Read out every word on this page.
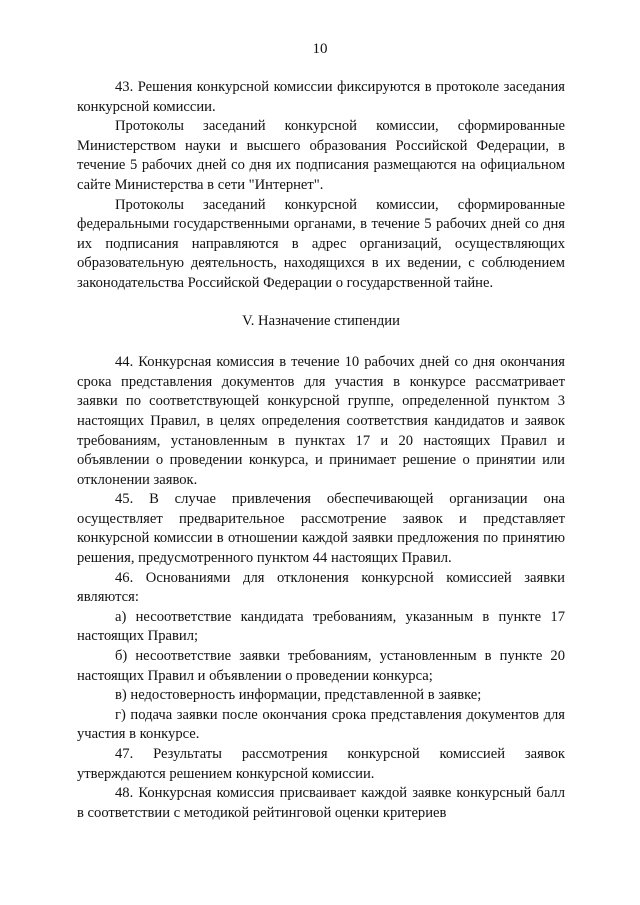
10

43. Решения конкурсной комиссии фиксируются в протоколе заседания конкурсной комиссии.

Протоколы заседаний конкурсной комиссии, сформированные Министерством науки и высшего образования Российской Федерации, в течение 5 рабочих дней со дня их подписания размещаются на официальном сайте Министерства в сети "Интернет".

Протоколы заседаний конкурсной комиссии, сформированные федеральными государственными органами, в течение 5 рабочих дней со дня их подписания направляются в адрес организаций, осуществляющих образовательную деятельность, находящихся в их ведении, с соблюдением законодательства Российской Федерации о государственной тайне.

V. Назначение стипендии

44. Конкурсная комиссия в течение 10 рабочих дней со дня окончания срока представления документов для участия в конкурсе рассматривает заявки по соответствующей конкурсной группе, определенной пунктом 3 настоящих Правил, в целях определения соответствия кандидатов и заявок требованиям, установленным в пунктах 17 и 20 настоящих Правил и объявлении о проведении конкурса, и принимает решение о принятии или отклонении заявок.

45. В случае привлечения обеспечивающей организации она осуществляет предварительное рассмотрение заявок и представляет конкурсной комиссии в отношении каждой заявки предложения по принятию решения, предусмотренного пунктом 44 настоящих Правил.

46. Основаниями для отклонения конкурсной комиссией заявки являются:

а) несоответствие кандидата требованиям, указанным в пункте 17 настоящих Правил;

б) несоответствие заявки требованиям, установленным в пункте 20 настоящих Правил и объявлении о проведении конкурса;

в) недостоверность информации, представленной в заявке;

г) подача заявки после окончания срока представления документов для участия в конкурсе.

47. Результаты рассмотрения конкурсной комиссией заявок утверждаются решением конкурсной комиссии.

48. Конкурсная комиссия присваивает каждой заявке конкурсный балл в соответствии с методикой рейтинговой оценки критериев
